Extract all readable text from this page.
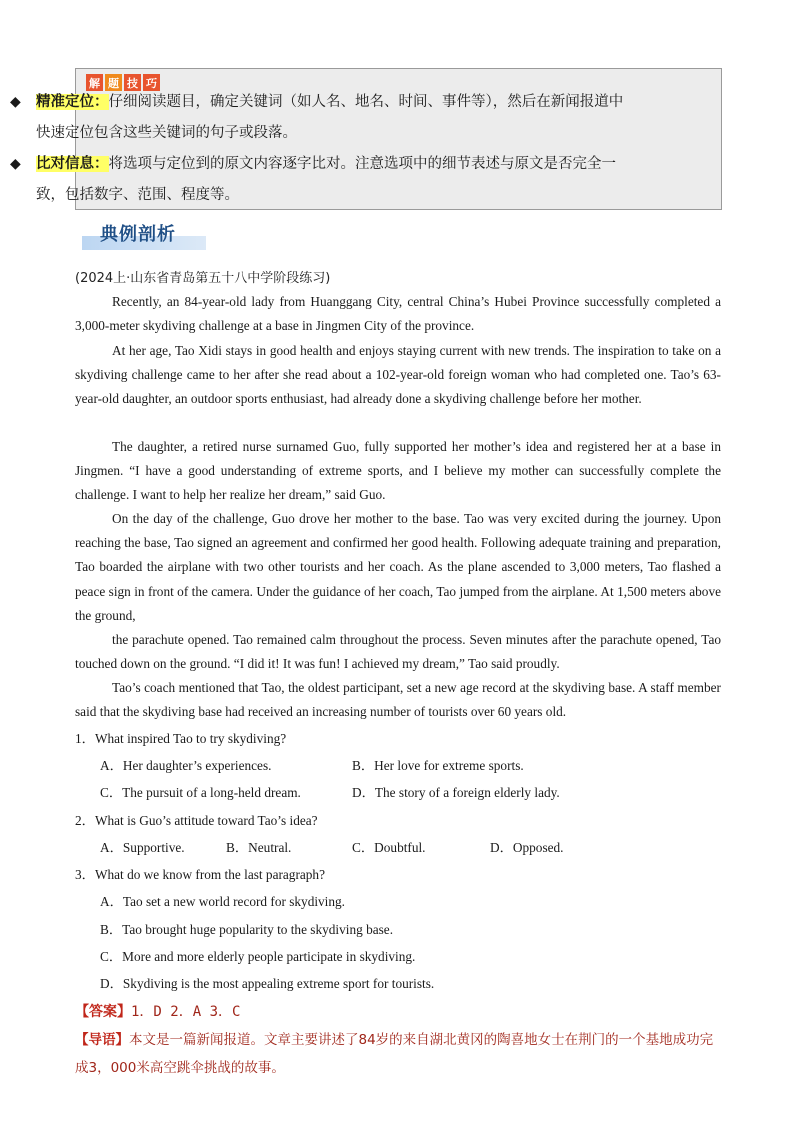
解 题 技 巧
◆	精准定位：仔细阅读题目，确定关键词（如人名、地名、时间、事件等），然后在新闻报道中快速定位包含这些关键词的句子或段落。
◆	比对信息：将选项与定位到的原文内容逐字比对。注意选项中的细节表述与原文是否完全一致，包括数字、范围、程度等。
典例剖析
(2024上·山东省青岛第五十八中学阶段练习)

Recently, an 84-year-old lady from Huanggang City, central China’s Hubei Province successfully completed a 3,000-meter skydiving challenge at a base in Jingmen City of the province.

At her age, Tao Xidi stays in good health and enjoys staying current with new trends. The inspiration to take on a skydiving challenge came to her after she read about a 102-year-old foreign woman who had completed one. Tao’s 63-year-old daughter, an outdoor sports enthusiast, had already done a skydiving challenge before her mother.

The daughter, a retired nurse surnamed Guo, fully supported her mother’s idea and registered her at a base in Jingmen. “I have a good understanding of extreme sports, and I believe my mother can successfully complete the challenge. I want to help her realize her dream,” said Guo.

On the day of the challenge, Guo drove her mother to the base. Tao was very excited during the journey. Upon reaching the base, Tao signed an agreement and confirmed her good health. Following adequate training and preparation, Tao boarded the airplane with two other tourists and her coach. As the plane ascended to 3,000 meters, Tao flashed a peace sign in front of the camera. Under the guidance of her coach, Tao jumped from the airplane. At 1,500 meters above the ground,

the parachute opened. Tao remained calm throughout the process. Seven minutes after the parachute opened, Tao touched down on the ground. “I did it! It was fun! I achieved my dream,” Tao said proudly.

Tao’s coach mentioned that Tao, the oldest participant, set a new age record at the skydiving base. A staff member said that the skydiving base had received an increasing number of tourists over 60 years old.

1．What inspired Tao to try skydiving?
A．Her daughter’s experiences.	B．Her love for extreme sports.
C．The pursuit of a long-held dream.	D．The story of a foreign elderly lady.
2．What is Guo’s attitude toward Tao’s idea?
A．Supportive.	B．Neutral.	C．Doubtful.	D．Opposed.
3．What do we know from the last paragraph?
A．Tao set a new world record for skydiving.
B．Tao brought huge popularity to the skydiving base.
C．More and more elderly people participate in skydiving.
D．Skydiving is the most appealing extreme sport for tourists.
【答案】1．D 2．A 3．C
【导语】本文是一篇新闻报道。文章主要讲述了84岁的来自湖北黄冈的陶喜地女士在荆门的一个基地成功完成3，000米高空跳伞挑战的故事。
